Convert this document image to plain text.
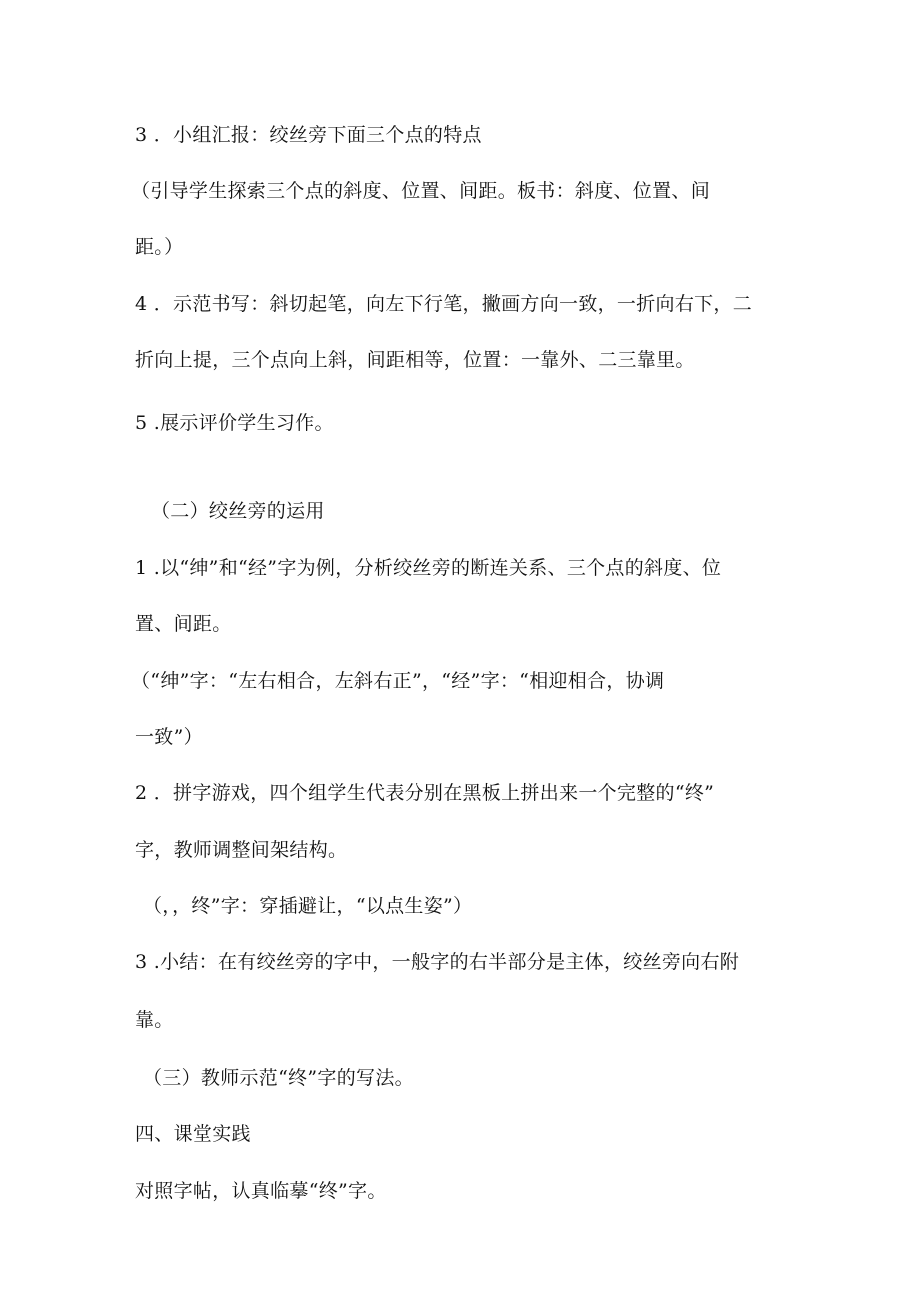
3 ．小组汇报：绞丝旁下面三个点的特点
（引导学生探索三个点的斜度、位置、间距。板书：斜度、位置、间
距。）
4 ．示范书写：斜切起笔，向左下行笔，撇画方向一致，一折向右下，二
折向上提，三个点向上斜，间距相等，位置：一靠外、二三靠里。
5 .展示评价学生习作。
（二）绞丝旁的运用
1 .以“绅”和“经”字为例，分析绞丝旁的断连关系、三个点的斜度、位
置、间距。
（“绅”字：“左右相合，左斜右正”，“经”字：“相迎相合，协调
一致”）
2 ．拼字游戏，四个组学生代表分别在黑板上拼出来一个完整的“终”
字，教师调整间架结构。
（，，终”字：穿插避让，“以点生姿”）
3 .小结：在有绞丝旁的字中，一般字的右半部分是主体，绞丝旁向右附
靠。
（三）教师示范“终”字的写法。
四、课堂实践
对照字帖，认真临摹“终”字。
